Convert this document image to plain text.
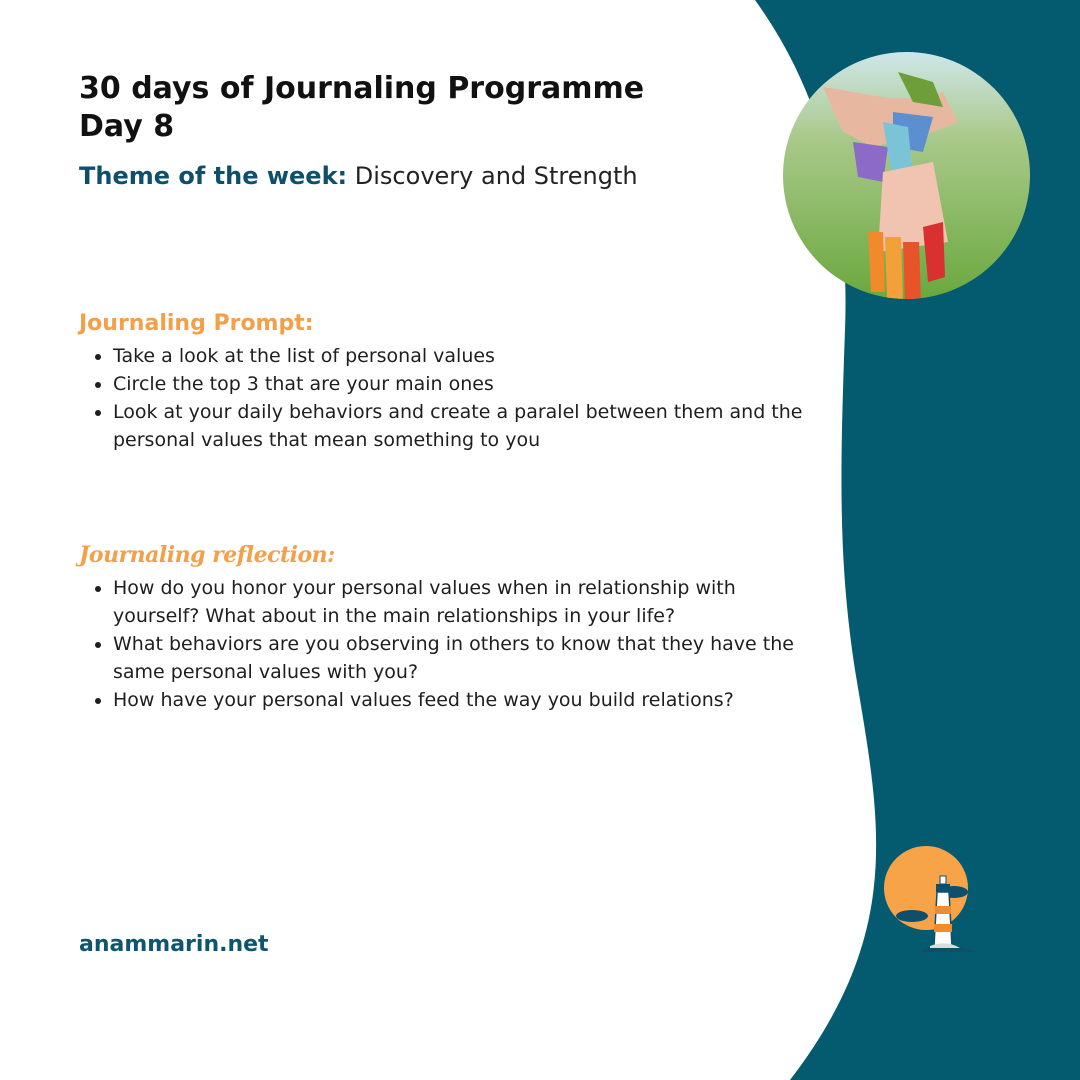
30 days of Journaling Programme
Day 8
Theme of the week: Discovery and Strength
Journaling Prompt:
• Take a look at the list of personal values
• Circle the top 3 that are your main ones
• Look at your daily behaviors and create a paralel between them and the personal values that mean something to you
Journaling reflection:
• How do you honor your personal values when in relationship with yourself? What about in the main relationships in your life?
• What behaviors are you observing in others to know that they have the same personal values with you?
• How have your personal values feed the way you build relations?
anammarin.net
